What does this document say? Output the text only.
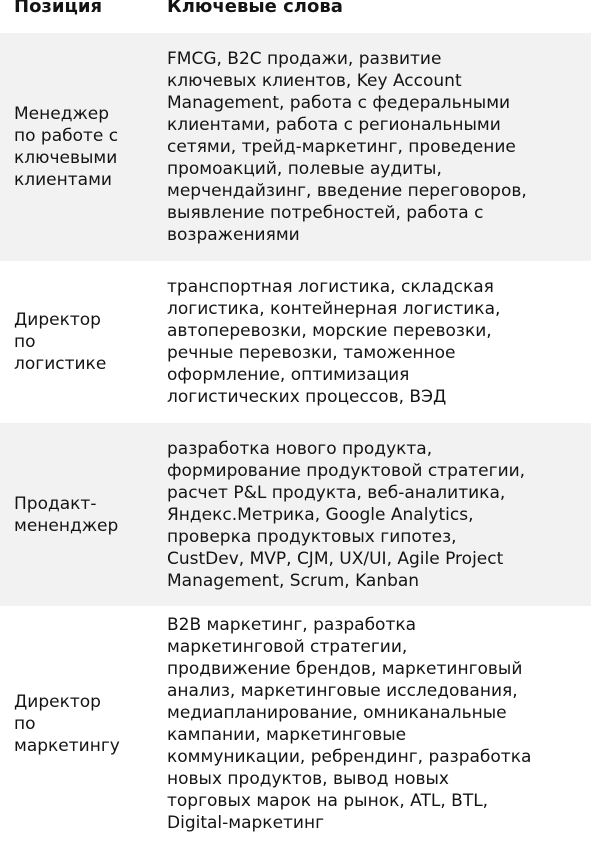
Позиция	Ключевые слова
Менеджер
по работе с
ключевыми
клиентами
FMCG, B2C продажи, развитие
ключевых клиентов, Key Account
Management, работа с федеральными
клиентами, работа с региональными
сетями, трейд-маркетинг, проведение
промоакций, полевые аудиты,
мерчендайзинг, введение переговоров,
выявление потребностей, работа с
возражениями
Директор
по
логистике
транспортная логистика, складская
логистика, контейнерная логистика,
автоперевозки, морские перевозки,
речные перевозки, таможенное
оформление, оптимизация
логистических процессов, ВЭД
Продакт-
мененджер
разработка нового продукта,
формирование продуктовой стратегии,
расчет P&L продукта, веб-аналитика,
Яндекс.Метрика, Google Analytics,
проверка продуктовых гипотез,
CustDev, MVP, CJM, UX/UI, Agile Project
Management, Scrum, Kanban
Директор
по
маркетингу
B2B маркетинг, разработка
маркетинговой стратегии,
продвижение брендов, маркетинговый
анализ, маркетинговые исследования,
медиапланирование, омниканальные
кампании, маркетинговые
коммуникации, ребрендинг, разработка
новых продуктов, вывод новых
торговых марок на рынок, ATL, BTL,
Digital-маркетинг
